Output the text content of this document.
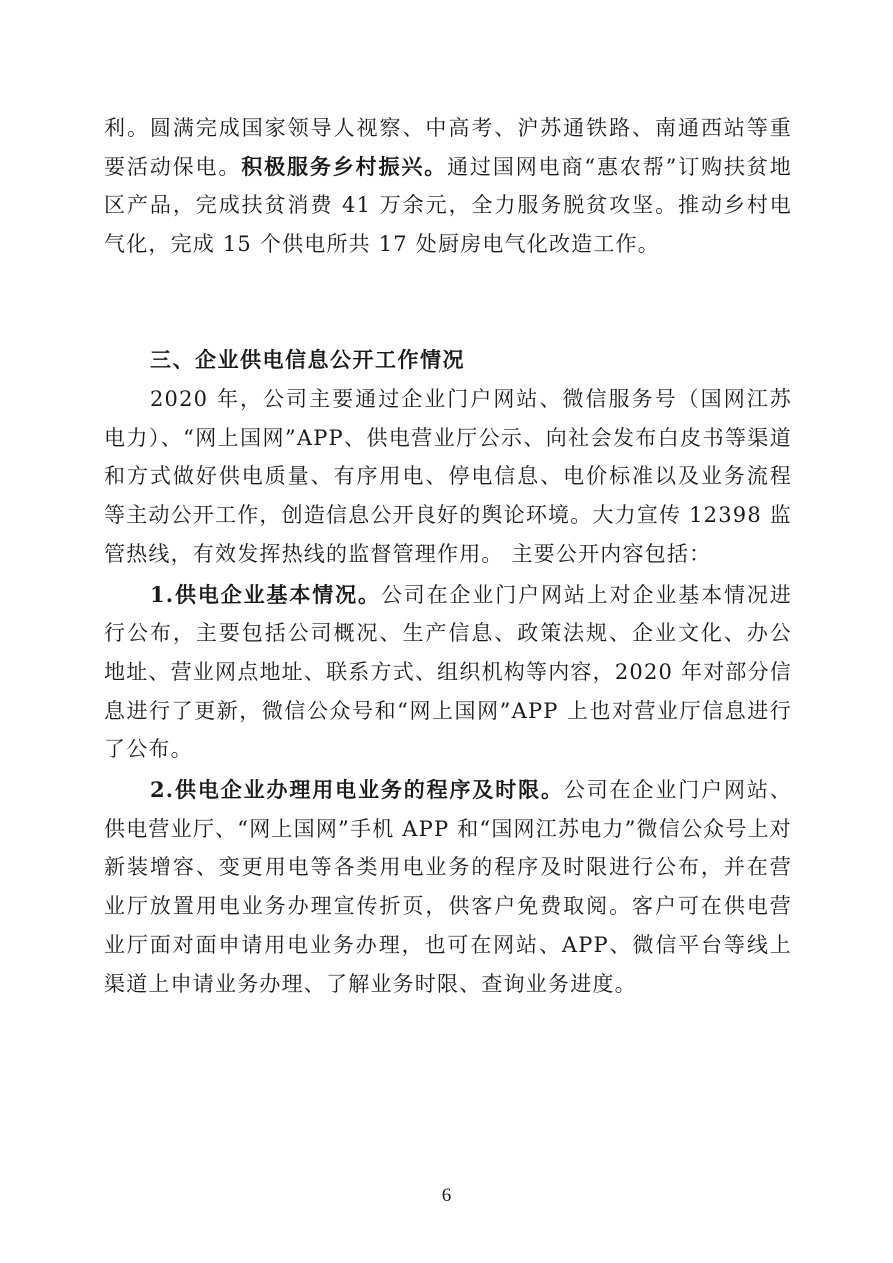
利。圆满完成国家领导人视察、中高考、沪苏通铁路、南通西站等重要活动保电。积极服务乡村振兴。通过国网电商“惠农帮”订购扶贫地区产品，完成扶贫消费 41 万余元，全力服务脱贫攻坚。推动乡村电气化，完成 15 个供电所共 17 处厨房电气化改造工作。

三、企业供电信息公开工作情况

2020 年，公司主要通过企业门户网站、微信服务号（国网江苏电力）、“网上国网”APP、供电营业厅公示、向社会发布白皮书等渠道和方式做好供电质量、有序用电、停电信息、电价标准以及业务流程等主动公开工作，创造信息公开良好的舆论环境。大力宣传 12398 监管热线，有效发挥热线的监督管理作用。 主要公开内容包括：

1.供电企业基本情况。公司在企业门户网站上对企业基本情况进行公布，主要包括公司概况、生产信息、政策法规、企业文化、办公地址、营业网点地址、联系方式、组织机构等内容，2020 年对部分信息进行了更新，微信公众号和“网上国网”APP 上也对营业厅信息进行了公布。

2.供电企业办理用电业务的程序及时限。公司在企业门户网站、供电营业厅、“网上国网”手机 APP 和“国网江苏电力”微信公众号上对新装增容、变更用电等各类用电业务的程序及时限进行公布，并在营业厅放置用电业务办理宣传折页，供客户免费取阅。客户可在供电营业厅面对面申请用电业务办理，也可在网站、APP、微信平台等线上渠道上申请业务办理、了解业务时限、查询业务进度。

6
